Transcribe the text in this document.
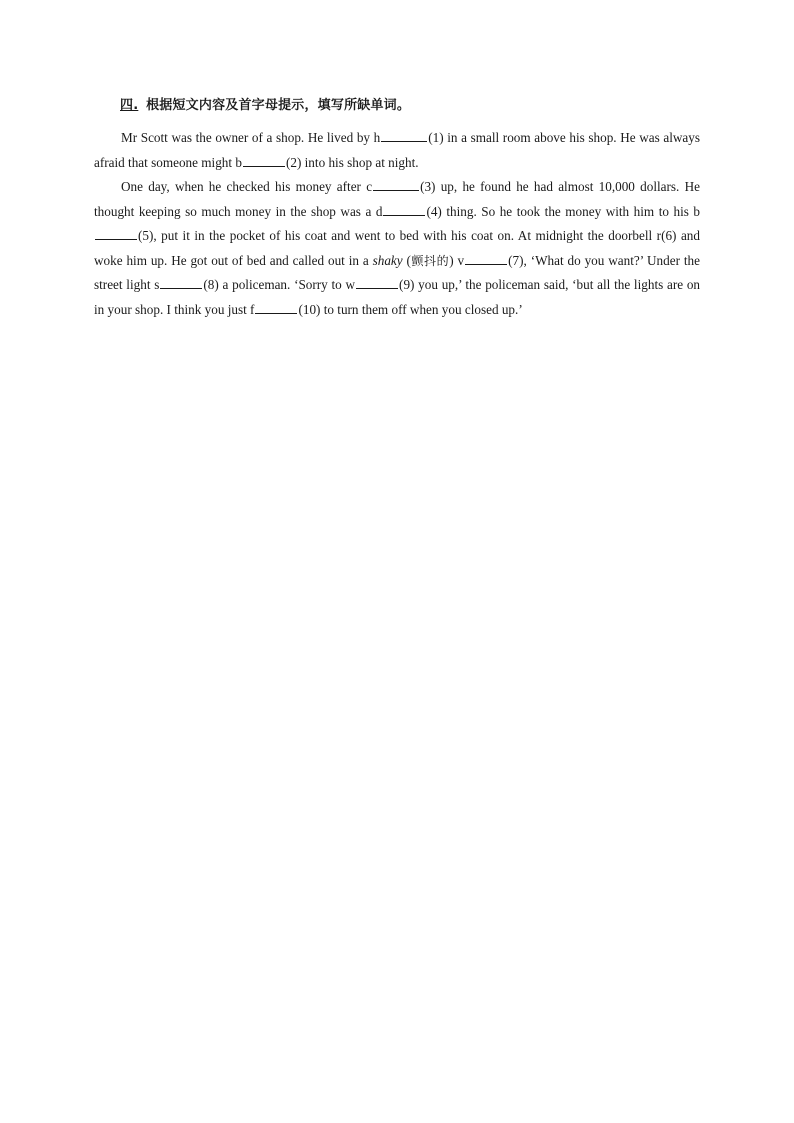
四. 根据短文内容及首字母提示，填写所缺单词。

Mr Scott was the owner of a shop. He lived by h	(1) in a small room above his shop. He was always afraid that someone might b	(2) into his shop at night.

One day, when he checked his money after c	(3) up, he found he had almost 10,000 dollars. He thought keeping so much money in the shop was a d	(4) thing. So he took the money with him to his b(5), put it in the pocket of his coat and went to bed with his coat on. At midnight the doorbell r(6) and woke him up. He got out of bed and called out in a shaky (颤抖的) v	(7), ‘What do you want?’ Under the street light s	(8) a policeman. ‘Sorry to w	(9) you up,’ the policeman said, ‘but all the lights are on in your shop. I think you just f	(10) to turn them off when you closed up.’
